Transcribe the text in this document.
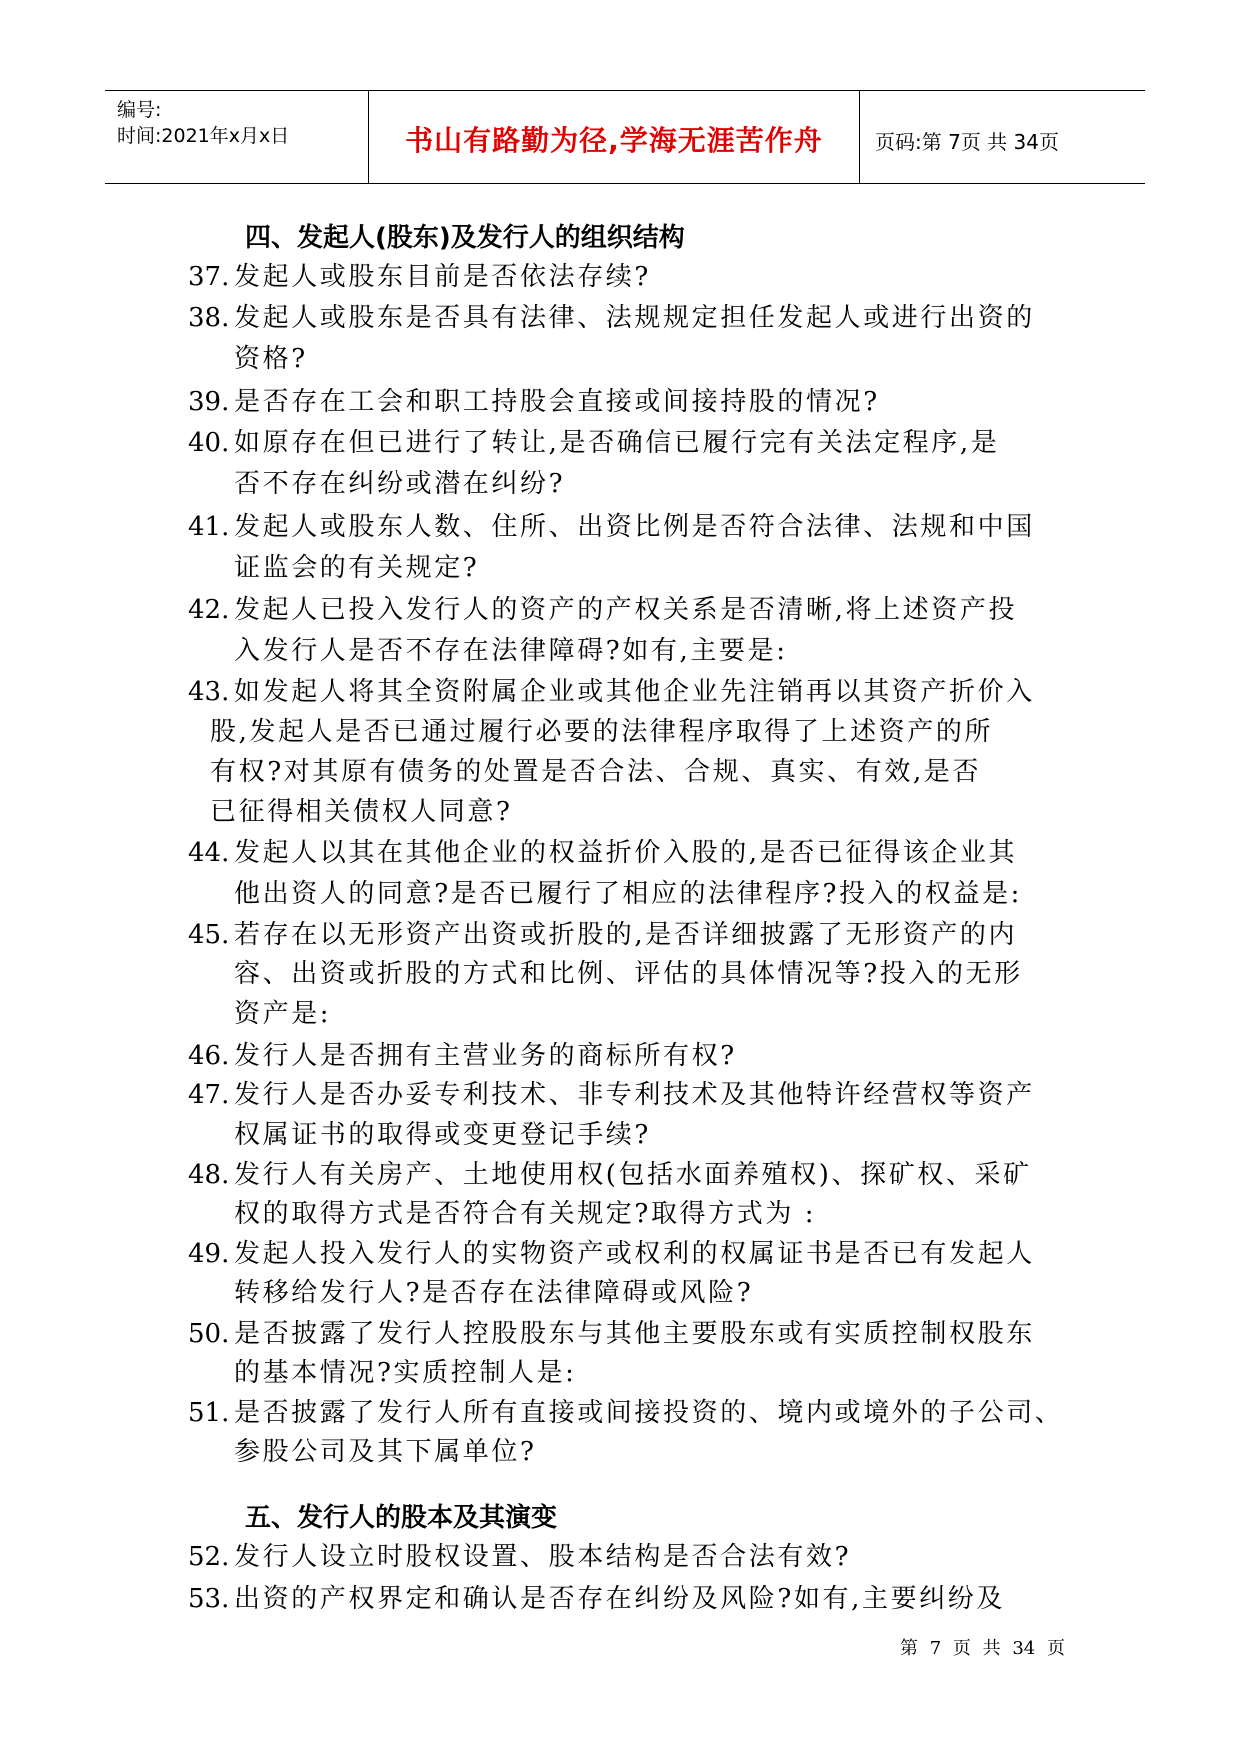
编号:
时间:2021年x月x日	书山有路勤为径,学海无涯苦作舟	页码:第 7页 共 34页
四、发起人(股东)及发行人的组织结构
37. 发起人或股东目前是否依法存续?
38. 发起人或股东是否具有法律、法规规定担任发起人或进行出资的
资格?
39. 是否存在工会和职工持股会直接或间接持股的情况?
40. 如原存在但已进行了转让,是否确信已履行完有关法定程序,是
否不存在纠纷或潜在纠纷?
41. 发起人或股东人数、住所、出资比例是否符合法律、法规和中国
证监会的有关规定?
42. 发起人已投入发行人的资产的产权关系是否清晰,将上述资产投
入发行人是否不存在法律障碍?如有,主要是:
43. 如发起人将其全资附属企业或其他企业先注销再以其资产折价入
股,发起人是否已通过履行必要的法律程序取得了上述资产的所
有权?对其原有债务的处置是否合法、合规、真实、有效,是否
已征得相关债权人同意?
44. 发起人以其在其他企业的权益折价入股的,是否已征得该企业其
他出资人的同意?是否已履行了相应的法律程序?投入的权益是:
45. 若存在以无形资产出资或折股的,是否详细披露了无形资产的内
容、出资或折股的方式和比例、评估的具体情况等?投入的无形
资产是:
46. 发行人是否拥有主营业务的商标所有权?
47. 发行人是否办妥专利技术、非专利技术及其他特许经营权等资产
权属证书的取得或变更登记手续?
48. 发行人有关房产、土地使用权(包括水面养殖权)、探矿权、采矿
权的取得方式是否符合有关规定?取得方式为 :
49. 发起人投入发行人的实物资产或权利的权属证书是否已有发起人
转移给发行人?是否存在法律障碍或风险?
50. 是否披露了发行人控股股东与其他主要股东或有实质控制权股东
的基本情况?实质控制人是:
51. 是否披露了发行人所有直接或间接投资的、境内或境外的子公司、
参股公司及其下属单位?
五、发行人的股本及其演变
52. 发行人设立时股权设置、股本结构是否合法有效?
53. 出资的产权界定和确认是否存在纠纷及风险?如有,主要纠纷及
第 7 页 共 34 页
